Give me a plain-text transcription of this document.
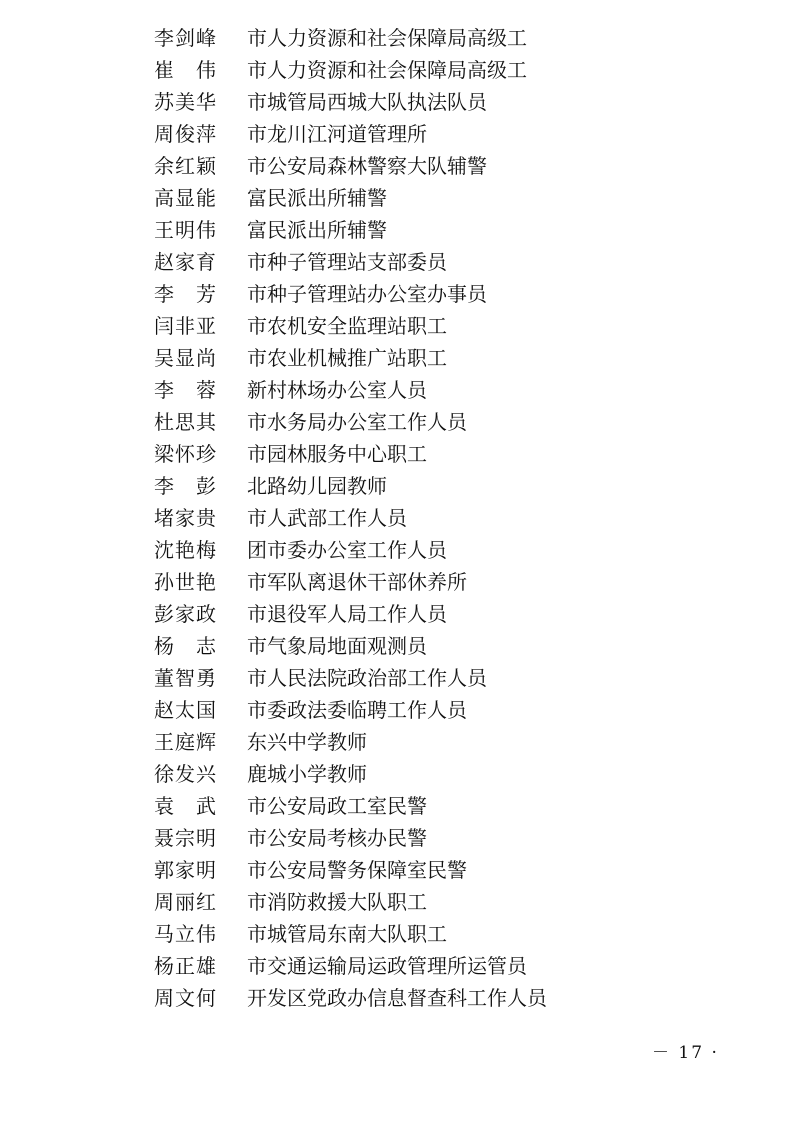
李剑峰	市人力资源和社会保障局高级工
崔　伟	市人力资源和社会保障局高级工
苏美华	市城管局西城大队执法队员
周俊萍	市龙川江河道管理所
余红颖	市公安局森林警察大队辅警
高显能	富民派出所辅警
王明伟	富民派出所辅警
赵家育	市种子管理站支部委员
李　芳	市种子管理站办公室办事员
闫非亚	市农机安全监理站职工
吴显尚	市农业机械推广站职工
李　蓉	新村林场办公室人员
杜思其	市水务局办公室工作人员
梁怀珍	市园林服务中心职工
李　彭	北路幼儿园教师
堵家贵	市人武部工作人员
沈艳梅	团市委办公室工作人员
孙世艳	市军队离退休干部休养所
彭家政	市退役军人局工作人员
杨　志	市气象局地面观测员
董智勇	市人民法院政治部工作人员
赵太国	市委政法委临聘工作人员
王庭辉	东兴中学教师
徐发兴	鹿城小学教师
袁　武	市公安局政工室民警
聂宗明	市公安局考核办民警
郭家明	市公安局警务保障室民警
周丽红	市消防救援大队职工
马立伟	市城管局东南大队职工
杨正雄	市交通运输局运政管理所运管员
周文何	开发区党政办信息督查科工作人员
－ 17 ·
